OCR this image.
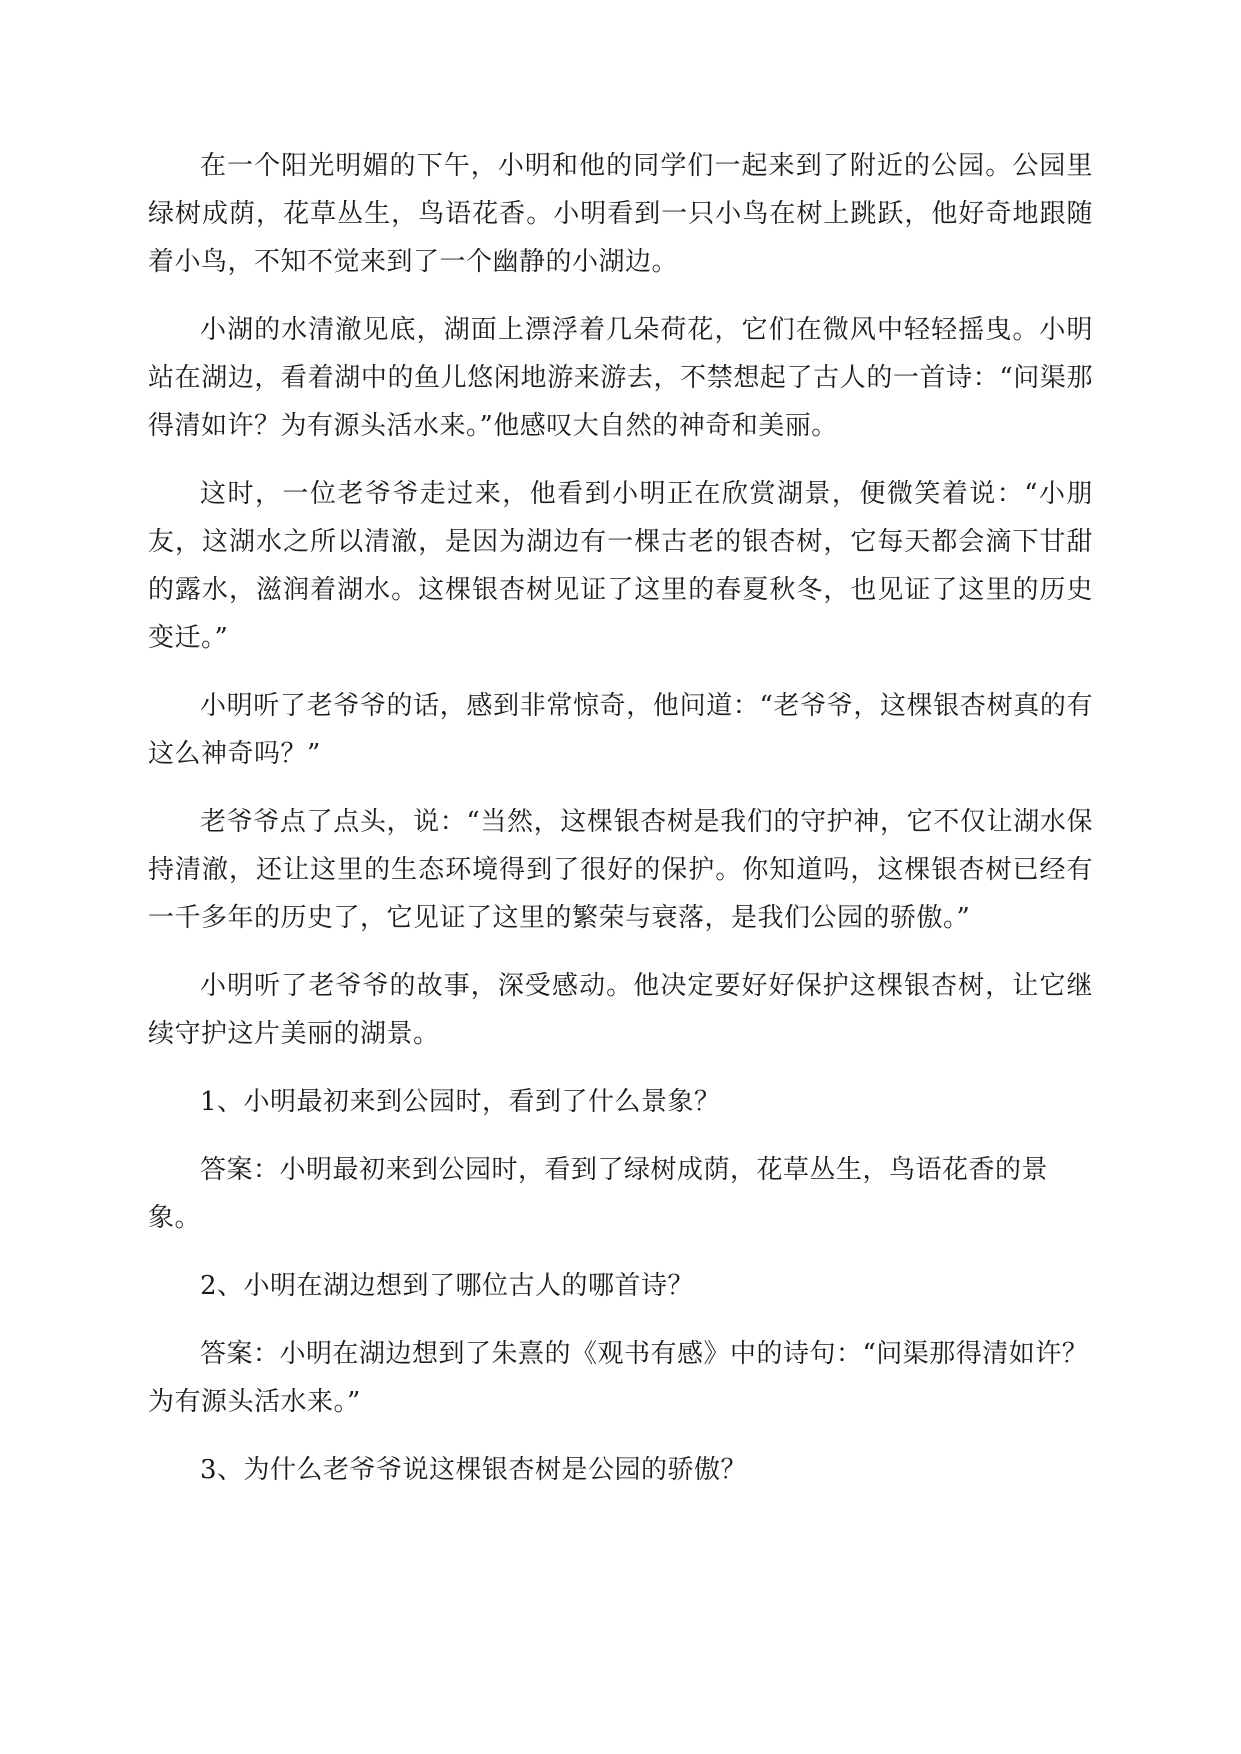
在一个阳光明媚的下午，小明和他的同学们一起来到了附近的公园。公园里绿树成荫，花草丛生，鸟语花香。小明看到一只小鸟在树上跳跃，他好奇地跟随着小鸟，不知不觉来到了一个幽静的小湖边。

小湖的水清澈见底，湖面上漂浮着几朵荷花，它们在微风中轻轻摇曳。小明站在湖边，看着湖中的鱼儿悠闲地游来游去，不禁想起了古人的一首诗：“问渠那得清如许？为有源头活水来。”他感叹大自然的神奇和美丽。

这时，一位老爷爷走过来，他看到小明正在欣赏湖景，便微笑着说：“小朋友，这湖水之所以清澈，是因为湖边有一棵古老的银杏树，它每天都会滴下甘甜的露水，滋润着湖水。这棵银杏树见证了这里的春夏秋冬，也见证了这里的历史变迁。”

小明听了老爷爷的话，感到非常惊奇，他问道：“老爷爷，这棵银杏树真的有这么神奇吗？”

老爷爷点了点头，说：“当然，这棵银杏树是我们的守护神，它不仅让湖水保持清澈，还让这里的生态环境得到了很好的保护。你知道吗，这棵银杏树已经有一千多年的历史了，它见证了这里的繁荣与衰落，是我们公园的骄傲。”

小明听了老爷爷的故事，深受感动。他决定要好好保护这棵银杏树，让它继续守护这片美丽的湖景。

1、小明最初来到公园时，看到了什么景象？

答案：小明最初来到公园时，看到了绿树成荫，花草丛生，鸟语花香的景象。

2、小明在湖边想到了哪位古人的哪首诗？

答案：小明在湖边想到了朱熹的《观书有感》中的诗句：“问渠那得清如许？为有源头活水来。”

3、为什么老爷爷说这棵银杏树是公园的骄傲？
